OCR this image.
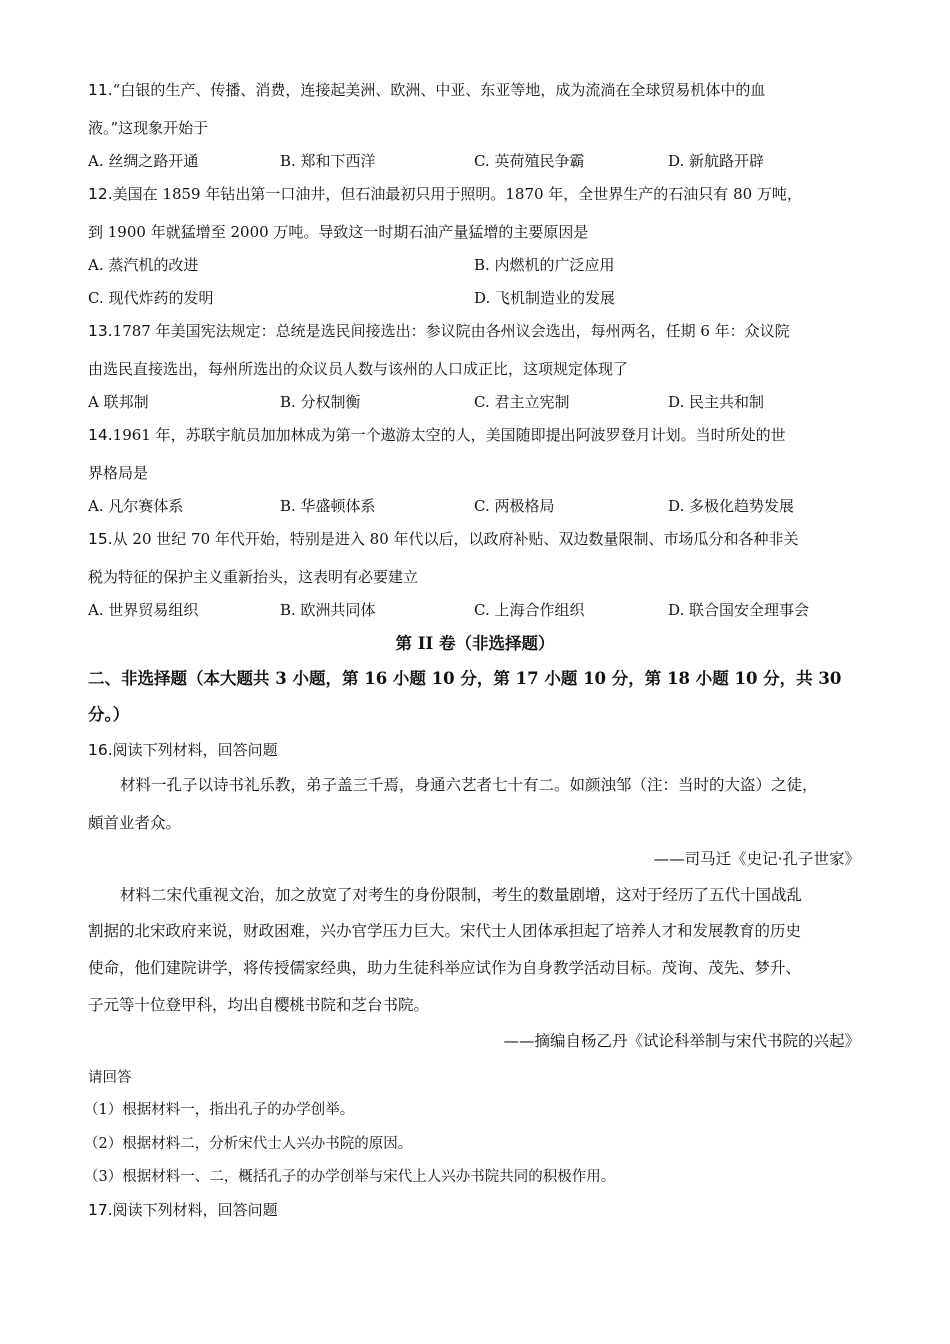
11.“白银的生产、传播、消费，连接起美洲、欧洲、中亚、东亚等地，成为流淌在全球贸易机体中的血
液。”这现象开始于
A. 丝绸之路开通	B. 郑和下西洋	C. 英荷殖民争霸	D. 新航路开辟
12.美国在 1859 年钻出第一口油井，但石油最初只用于照明。1870 年，全世界生产的石油只有 80 万吨，
到 1900 年就猛增至 2000 万吨。导致这一时期石油产量猛增的主要原因是
A. 蒸汽机的改进	B. 内燃机的广泛应用
C. 现代炸药的发明	D. 飞机制造业的发展
13.1787 年美国宪法规定：总统是选民间接选出：参议院由各州议会选出，每州两名，任期 6 年：众议院
由选民直接选出，每州所选出的众议员人数与该州的人口成正比，这项规定体现了
A 联邦制	B. 分权制衡	C. 君主立宪制	D. 民主共和制
14.1961 年，苏联宇航员加加林成为第一个遨游太空的人，美国随即提出阿波罗登月计划。当时所处的世
界格局是
A. 凡尔赛体系	B. 华盛顿体系	C. 两极格局	D. 多极化趋势发展
15.从 20 世纪 70 年代开始，特别是进入 80 年代以后，以政府补贴、双边数量限制、市场瓜分和各种非关
税为特征的保护主义重新抬头，这表明有必要建立
A. 世界贸易组织	B. 欧洲共同体	C. 上海合作组织	D. 联合国安全理事会
第 II 卷（非选择题）
二、非选择题（本大题共 3 小题，第 16 小题 10 分，第 17 小题 10 分，第 18 小题 10 分，共 30
分。）
16.阅读下列材料，回答问题
材料一孔子以诗书礼乐教，弟子盖三千焉，身通六艺者七十有二。如颜浊邹（注：当时的大盗）之徒，
頗首业者众。
——司马迁《史记·孔子世家》
材料二宋代重视文治，加之放宽了对考生的身份限制，考生的数量剧增，这对于经历了五代十国战乱
割据的北宋政府来说，财政困难，兴办官学压力巨大。宋代士人团体承担起了培养人才和发展教育的历史
使命，他们建院讲学，将传授儒家经典，助力生徒科举应试作为自身教学活动目标。茂询、茂先、梦升、
子元等十位登甲科，均出自樱桃书院和芝台书院。
——摘编自杨乙丹《试论科举制与宋代书院的兴起》
请回答
（1）根据材料一，指出孔子的办学创举。
（2）根据材料二，分析宋代士人兴办书院的原因。
（3）根据材料一、二，概括孔子的办学创举与宋代上人兴办书院共同的积极作用。
17.阅读下列材料，回答问题
